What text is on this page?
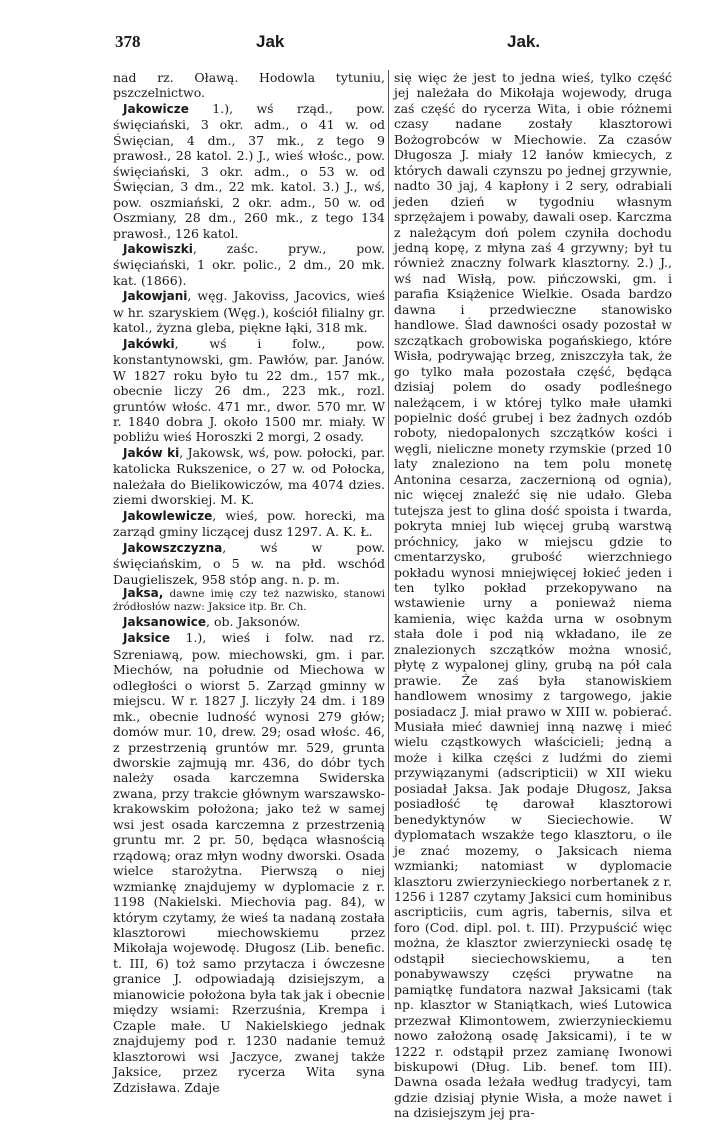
378	Jak	Jak.

nad rz. Oławą. Hodowla tytuniu, pszczelnictwo.

Jakowicze 1.), wś rząd., pow. święciański, 3 okr. adm., o 41 w. od Święcian, 4 dm., 37 mk., z tego 9 prawosł., 28 katol. 2.) J., wieś włośc., pow. święciański, 3 okr. adm., o 53 w. od Święcian, 3 dm., 22 mk. katol. 3.) J., wś, pow. oszmiański, 2 okr. adm., 50 w. od Oszmiany, 28 dm., 260 mk., z tego 134 prawosł., 126 katol.

Jakowiszki, zaśc. pryw., pow. święciański, 1 okr. polic., 2 dm., 20 mk. kat. (1866).

Jakowjani, węg. Jakoviss, Jacovics, wieś w hr. szaryskiem (Węg.), kościół filialny gr. katol., żyzna gleba, piękne łąki, 318 mk.

Jakówki, wś i folw., pow. konstantynowski, gm. Pawłów, par. Janów. W 1827 roku było tu 22 dm., 157 mk., obecnie liczy 26 dm., 223 mk., rozl. gruntów włośc. 471 mr., dwor. 570 mr. W r. 1840 dobra J. około 1500 mr. miały. W pobliżu wieś Horoszki 2 morgi, 2 osady.

Jaków ki, Jakowsk, wś, pow. połocki, par. katolicka Rukszenice, o 27 w. od Połocka, należała do Bielikowiczów, ma 4074 dzies. ziemi dworskiej. M. K.

Jakowlewicze, wieś, pow. horecki, ma zarząd gminy liczącej dusz 1297. A. K. Ł.

Jakowszczyzna, wś w pow. święciańskim, o 5 w. na płd. wschód Daugieliszek, 958 stóp ang. n. p. m.

Jaksa, dawne imię czy też nazwisko, stanowi źródłosłów nazw: Jaksice itp. Br. Ch.

Jaksanowice, ob. Jaksonów.

Jaksice 1.), wieś i folw. nad rz. Szreniawą, pow. miechowski, gm. i par. Miechów, na południe od Miechowa w odległości o wiorst 5. Zarząd gminny w miejscu. W r. 1827 J. liczyły 24 dm. i 189 mk., obecnie ludność wynosi 279 głów; domów mur. 10, drew. 29; osad włośc. 46, z przestrzenią gruntów mr. 529, grunta dworskie zajmują mr. 436, do dóbr tych należy osada karczemna Swiderska zwana, przy trakcie głównym warszawsko-krakowskim położona; jako też w samej wsi jest osada karczemna z przestrzenią gruntu mr. 2 pr. 50, będąca własnością rządową; oraz młyn wodny dworski. Osada wielce starożytna. Pierwszą o niej wzmiankę znajdujemy w dyplomacie z r. 1198 (Nakielski. Miechovia pag. 84), w którym czytamy, że wieś ta nadaną została klasztorowi miechowskiemu przez Mikołaja wojewodę. Długosz (Lib. benefic. t. III, 6) toż samo przytacza i ówczesne granice J. odpowiadają dzisiejszym, a mianowicie położona była tak jak i obecnie między wsiami: Rzerzuśnia, Krempa i Czaple małe. U Nakielskiego jednak znajdujemy pod r. 1230 nadanie temuż klasztorowi wsi Jaczyce, zwanej także Jaksice, przez rycerza Wita syna Zdzisława. Zdaje

się więc że jest to jedna wieś, tylko część jej należała do Mikołaja wojewody, druga zaś część do rycerza Wita, i obie różnemi czasy nadane zostały klasztorowi Bożogrobców w Miechowie. Za czasów Długosza J. miały 12 łanów kmiecych, z których dawali czynszu po jednej grzywnie, nadto 30 jaj, 4 kapłony i 2 sery, odrabiali jeden dzień w tygodniu własnym sprzężajem i powaby, dawali osep. Karczma z należącym doń polem czyniła dochodu jedną kopę, z młyna zaś 4 grzywny; był tu również znaczny folwark klasztorny. 2.) J., wś nad Wisłą, pow. pińczowski, gm. i parafia Książenice Wielkie. Osada bardzo dawna i przedwieczne stanowisko handlowe. Ślad dawności osady pozostał w szczątkach grobowiska pogańskiego, które Wisła, podrywając brzeg, zniszczyła tak, że go tylko mała pozostała część, będąca dzisiaj polem do osady podleśnego należącem, i w której tylko małe ułamki popielnic dość grubej i bez żadnych ozdób roboty, niedopalonych szczątków kości i węgli, nieliczne monety rzymskie (przed 10 laty znaleziono na tem polu monetę Antonina cesarza, zaczernioną od ognia), nic więcej znaleźć się nie udało. Gleba tutejsza jest to glina dość spoista i twarda, pokryta mniej lub więcej grubą warstwą próchnicy, jako w miejscu gdzie to cmentarzysko, grubość wierzchniego pokładu wynosi mniejwięcej łokieć jeden i ten tylko pokład przekopywano na wstawienie urny a ponieważ niema kamienia, więc każda urna w osobnym stała dole i pod nią wkładano, ile ze znalezionych szczątków można wnosić, płytę z wypalonej gliny, grubą na pół cala prawie. Że zaś była stanowiskiem handlowem wnosimy z targowego, jakie posiadacz J. miał prawo w XIII w. pobierać. Musiała mieć dawniej inną nazwę i mieć wielu cząstkowych właścicieli; jedną a może i kilka części z ludźmi do ziemi przywiązanymi (adscripticii) w XII wieku posiadał Jaksa. Jak podaje Długosz, Jaksa posiadłość tę darował klasztorowi benedyktynów w Sieciechowie. W dyplomatach wszakże tego klasztoru, o ile je znać mozemy, o Jaksicach niema wzmianki; natomiast w dyplomacie klasztoru zwierzynieckiego norbertanek z r. 1256 i 1287 czytamy Jaksici cum hominibus ascripticiis, cum agris, tabernis, silva et foro (Cod. dipl. pol. t. III). Przypuścić więc można, że klasztor zwierzyniecki osadę tę odstąpił sieciechowskiemu, a ten ponabywawszy części prywatne na pamiątkę fundatora nazwał Jaksicami (tak np. klasztor w Staniątkach, wieś Lutowica przezwał Klimontowem, zwierzynieckiemu nowo założoną osadę Jaksicami), i te w 1222 r. odstąpił przez zamianę Iwonowi biskupowi (Dług. Lib. benef. tom III). Dawna osada leżała według tradycyi, tam gdzie dzisiaj płynie Wisła, a może nawet i na dzisiejszym jej pra-
